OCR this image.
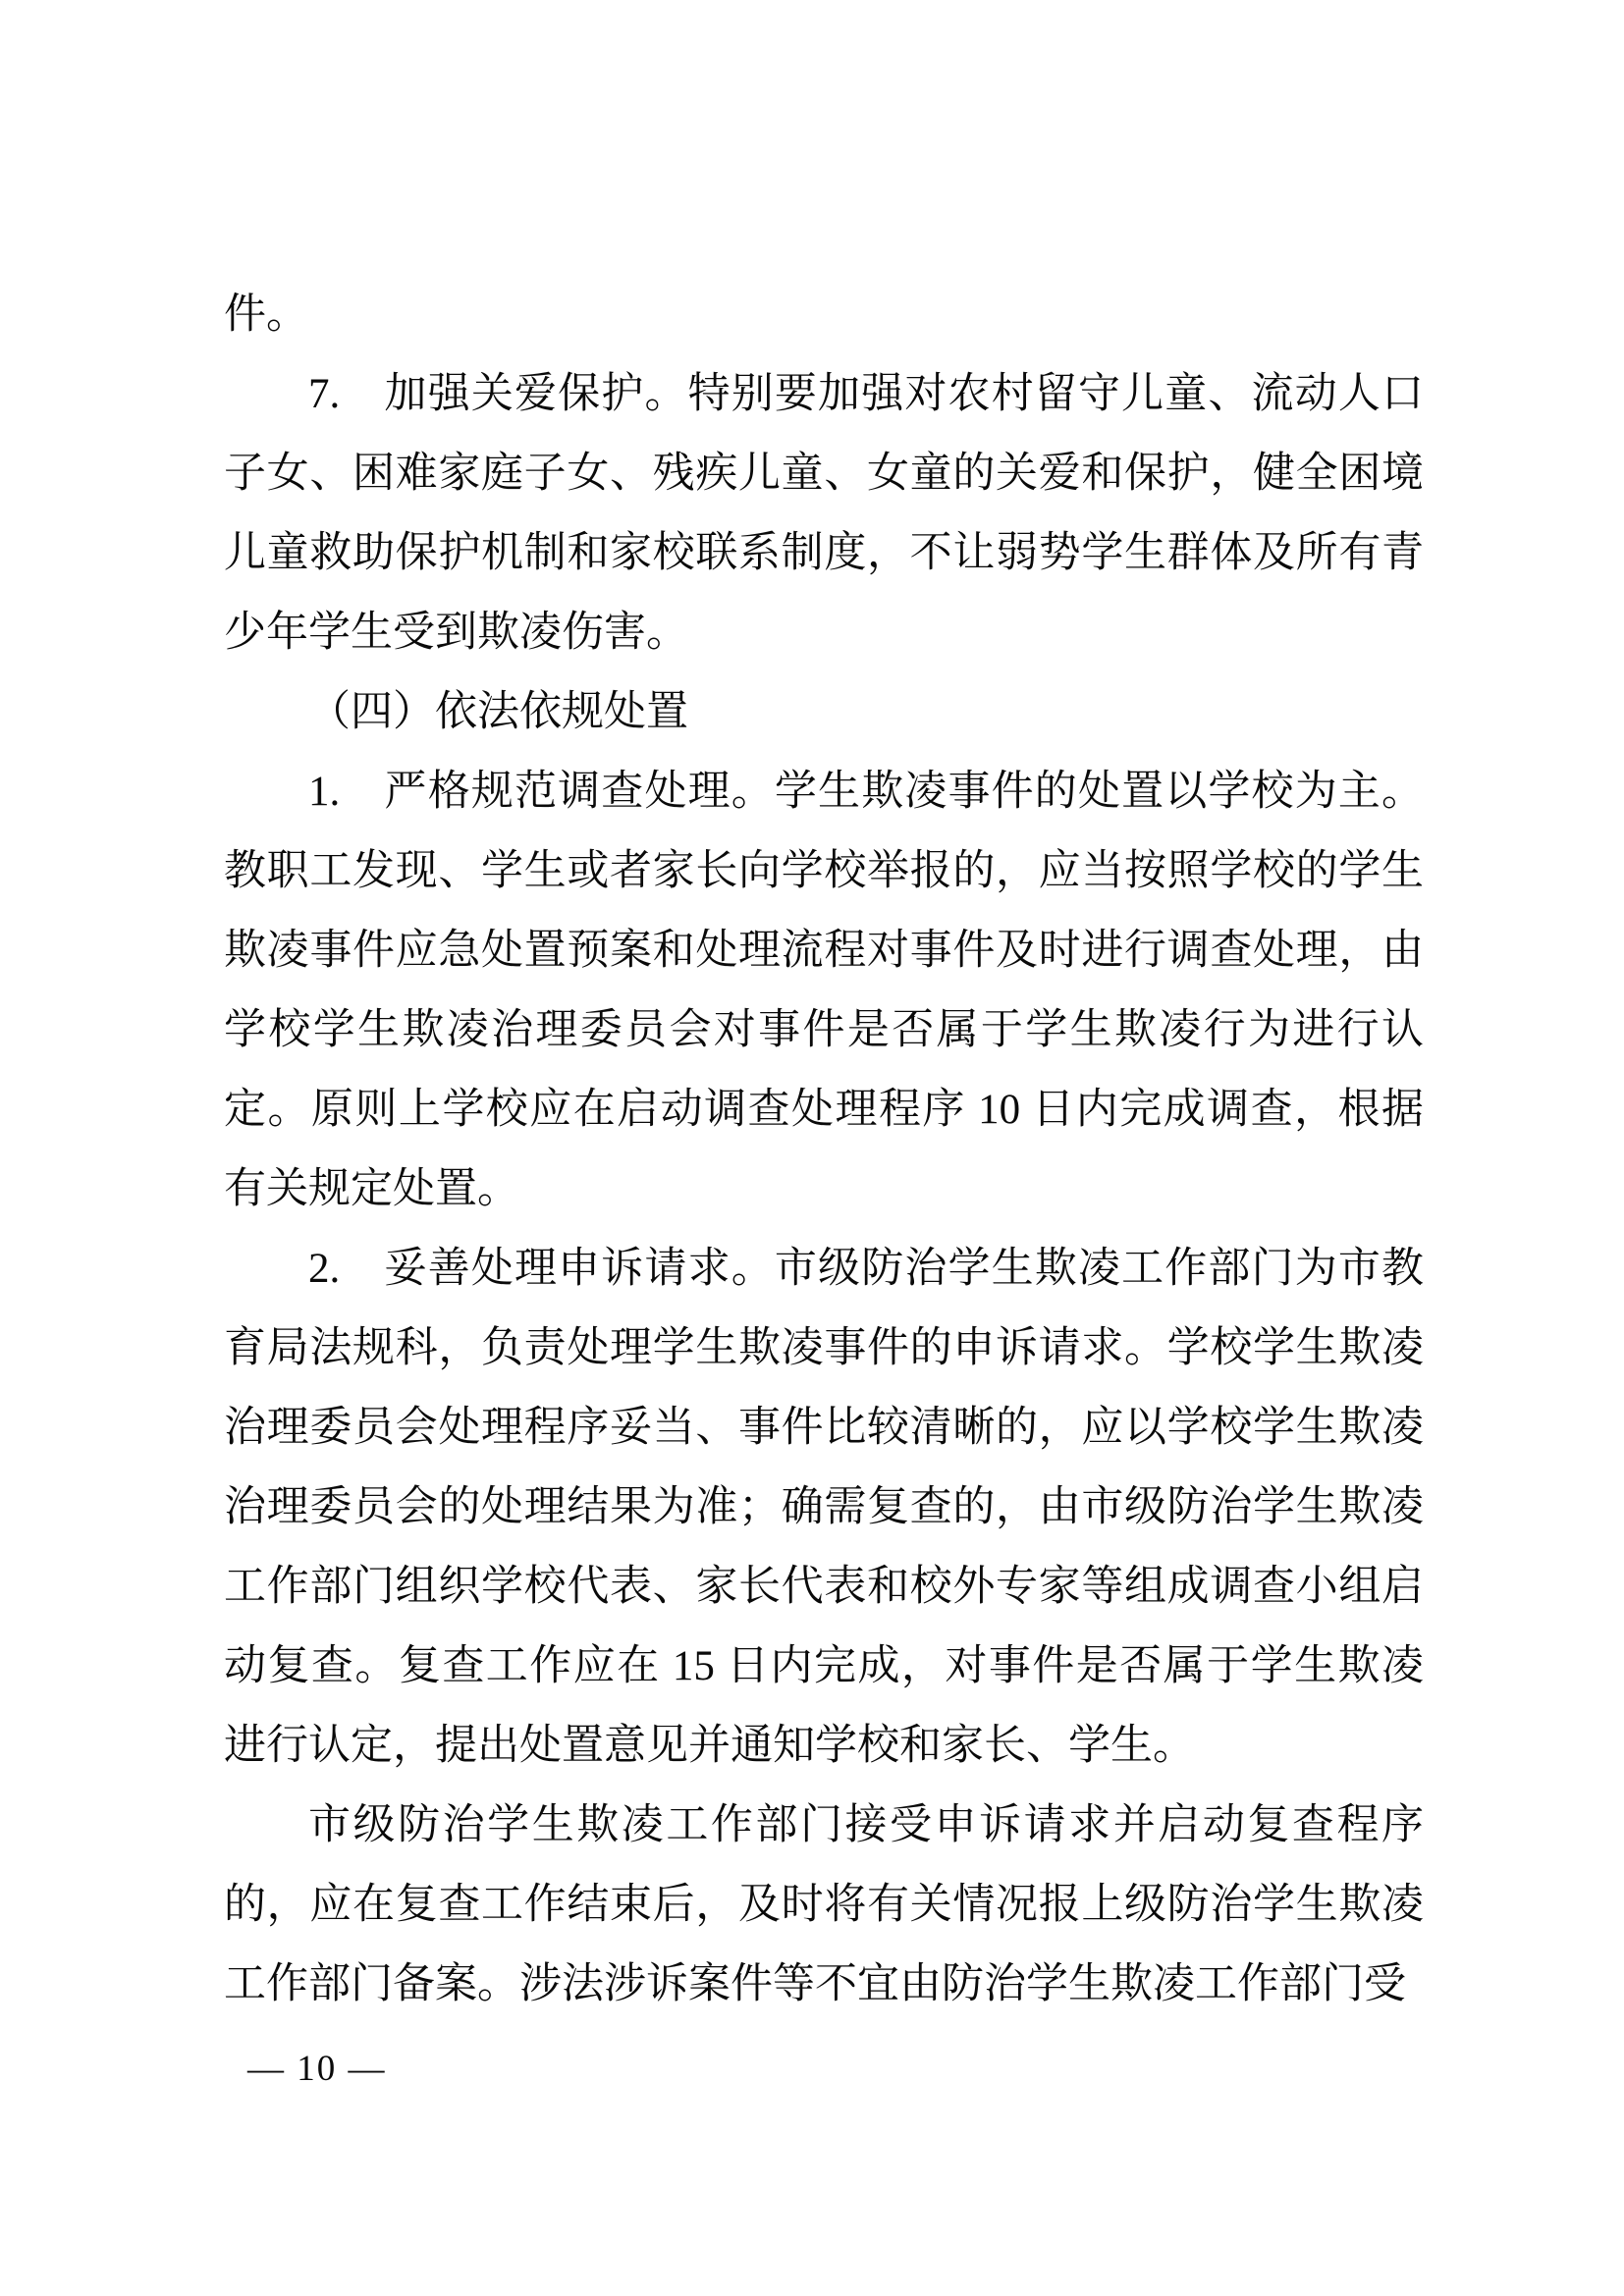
件。

7.　加强关爱保护。特别要加强对农村留守儿童、流动人口子女、困难家庭子女、残疾儿童、女童的关爱和保护，健全困境儿童救助保护机制和家校联系制度，不让弱势学生群体及所有青少年学生受到欺凌伤害。

（四）依法依规处置

1.　严格规范调查处理。学生欺凌事件的处置以学校为主。教职工发现、学生或者家长向学校举报的，应当按照学校的学生欺凌事件应急处置预案和处理流程对事件及时进行调查处理，由学校学生欺凌治理委员会对事件是否属于学生欺凌行为进行认定。原则上学校应在启动调查处理程序 10 日内完成调查，根据有关规定处置。

2.　妥善处理申诉请求。市级防治学生欺凌工作部门为市教育局法规科，负责处理学生欺凌事件的申诉请求。学校学生欺凌治理委员会处理程序妥当、事件比较清晰的，应以学校学生欺凌治理委员会的处理结果为准；确需复查的，由市级防治学生欺凌工作部门组织学校代表、家长代表和校外专家等组成调查小组启动复查。复查工作应在 15 日内完成，对事件是否属于学生欺凌进行认定，提出处置意见并通知学校和家长、学生。

市级防治学生欺凌工作部门接受申诉请求并启动复查程序的，应在复查工作结束后，及时将有关情况报上级防治学生欺凌工作部门备案。涉法涉诉案件等不宜由防治学生欺凌工作部门受

— 10 —
